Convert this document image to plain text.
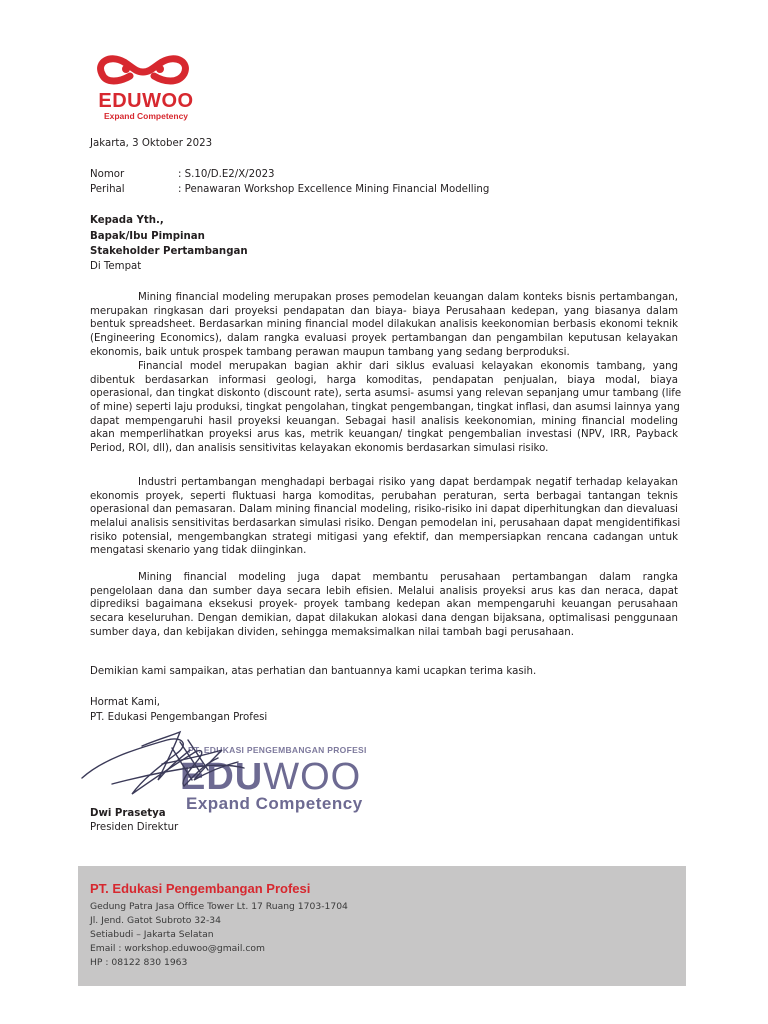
EDUWOO
Expand Competency
Jakarta, 3 Oktober 2023
Nomor	: S.10/D.E2/X/2023
Perihal	: Penawaran Workshop Excellence Mining Financial Modelling
Kepada Yth.,
Bapak/Ibu Pimpinan
Stakeholder Pertambangan
Di Tempat
Mining financial modeling merupakan proses pemodelan keuangan dalam konteks bisnis pertambangan,
merupakan ringkasan dari proyeksi pendapatan dan biaya- biaya Perusahaan kedepan, yang biasanya dalam
bentuk spreadsheet. Berdasarkan mining financial model dilakukan analisis keekonomian berbasis ekonomi teknik
(Engineering Economics), dalam rangka evaluasi proyek pertambangan dan pengambilan keputusan kelayakan
ekonomis, baik untuk prospek tambang perawan maupun tambang yang sedang berproduksi.
Financial model merupakan bagian akhir dari siklus evaluasi kelayakan ekonomis tambang, yang
dibentuk berdasarkan informasi geologi, harga komoditas, pendapatan penjualan, biaya modal, biaya
operasional, dan tingkat diskonto (discount rate), serta asumsi- asumsi yang relevan sepanjang umur tambang (life
of mine) seperti laju produksi, tingkat pengolahan, tingkat pengembangan, tingkat inflasi, dan asumsi lainnya yang
dapat mempengaruhi hasil proyeksi keuangan. Sebagai hasil analisis keekonomian, mining financial modeling
akan memperlihatkan proyeksi arus kas, metrik keuangan/ tingkat pengembalian investasi (NPV, IRR, Payback
Period, ROI, dll), dan analisis sensitivitas kelayakan ekonomis berdasarkan simulasi risiko.
Industri pertambangan menghadapi berbagai risiko yang dapat berdampak negatif terhadap kelayakan
ekonomis proyek, seperti fluktuasi harga komoditas, perubahan peraturan, serta berbagai tantangan teknis
operasional dan pemasaran. Dalam mining financial modeling, risiko-risiko ini dapat diperhitungkan dan dievaluasi
melalui analisis sensitivitas berdasarkan simulasi risiko. Dengan pemodelan ini, perusahaan dapat mengidentifikasi
risiko potensial, mengembangkan strategi mitigasi yang efektif, dan mempersiapkan rencana cadangan untuk
mengatasi skenario yang tidak diinginkan.
Mining financial modeling juga dapat membantu perusahaan pertambangan dalam rangka
pengelolaan dana dan sumber daya secara lebih efisien. Melalui analisis proyeksi arus kas dan neraca, dapat
diprediksi bagaimana eksekusi proyek- proyek tambang kedepan akan mempengaruhi keuangan perusahaan
secara keseluruhan. Dengan demikian, dapat dilakukan alokasi dana dengan bijaksana, optimalisasi penggunaan
sumber daya, dan kebijakan dividen, sehingga memaksimalkan nilai tambah bagi perusahaan.
Demikian kami sampaikan, atas perhatian dan bantuannya kami ucapkan terima kasih.
Hormat Kami,
PT. Edukasi Pengembangan Profesi
PT. EDUKASI PENGEMBANGAN PROFESI
EDUWOO
Expand Competency
Dwi Prasetya
Presiden Direktur
PT. Edukasi Pengembangan Profesi
Gedung Patra Jasa Office Tower Lt. 17 Ruang 1703-1704
Jl. Jend. Gatot Subroto 32-34
Setiabudi – Jakarta Selatan
Email : workshop.eduwoo@gmail.com
HP : 08122 830 1963
